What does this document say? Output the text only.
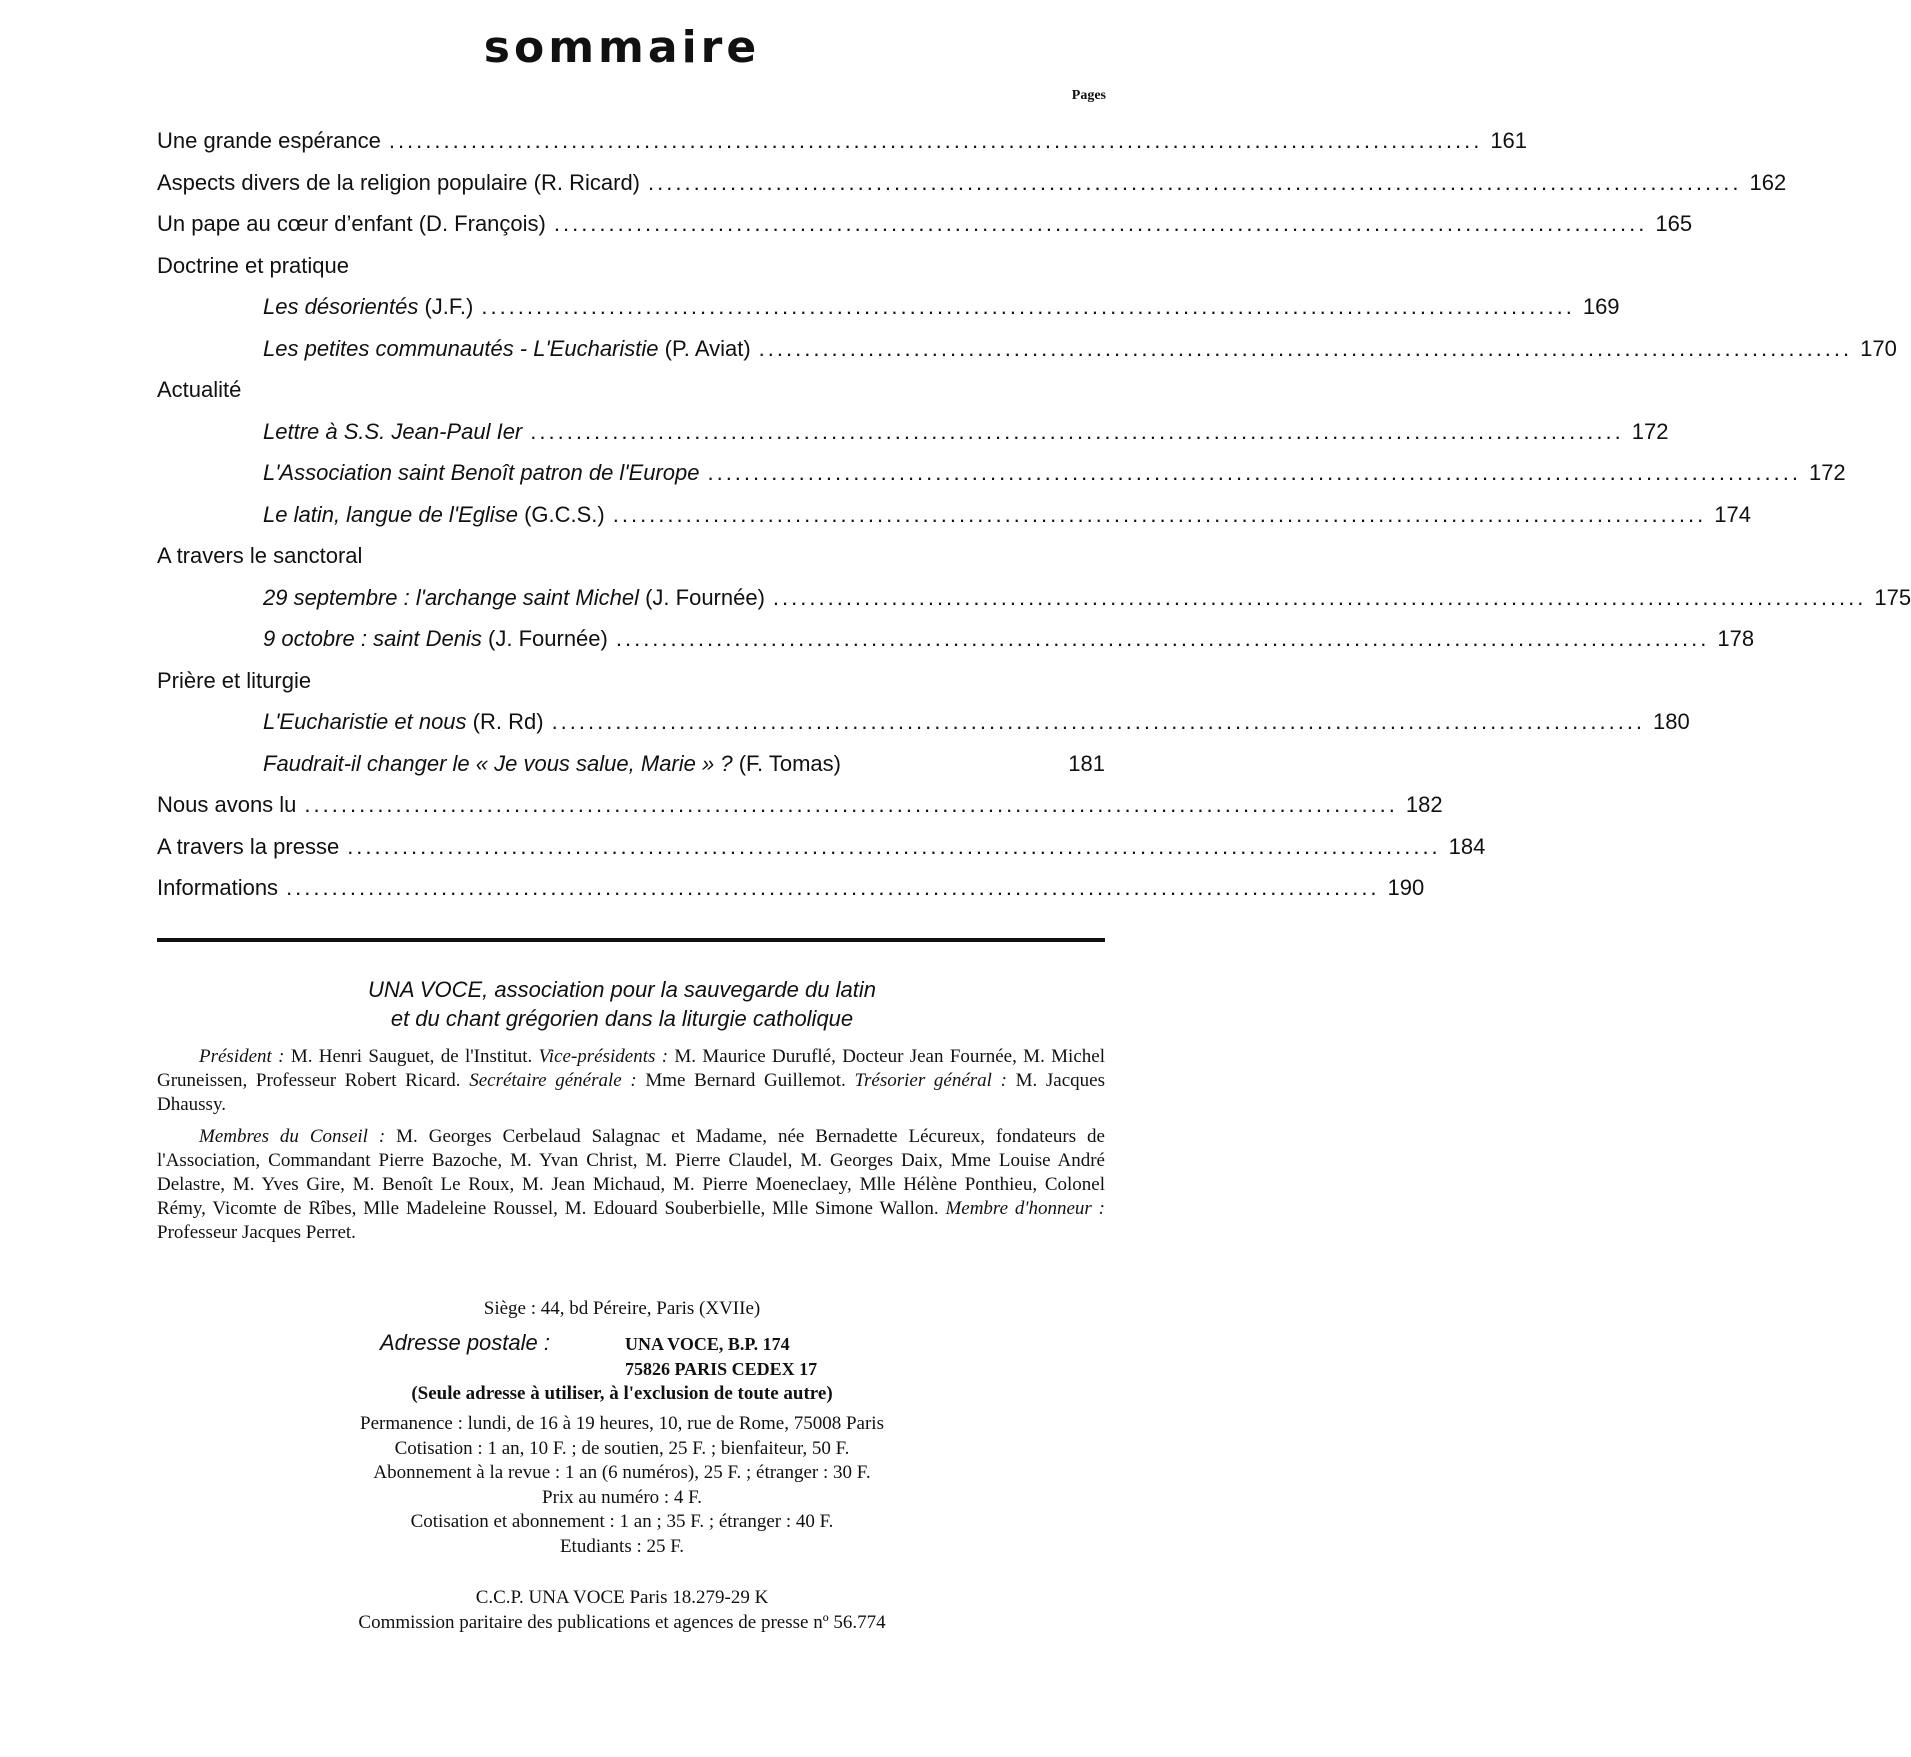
sommaire
Pages
Une grande espérance ........................................................................................................................ 161
Aspects divers de la religion populaire (R. Ricard) ........................................................................................................................ 162
Un pape au cœur d’enfant (D. François) ........................................................................................................................ 165
Doctrine et pratique
Les désorientés (J.F.) ........................................................................................................................ 169
Les petites communautés - L'Eucharistie (P. Aviat) ........................................................................................................................ 170
Actualité
Lettre à S.S. Jean-Paul Ier ........................................................................................................................ 172
L'Association saint Benoît patron de l'Europe ........................................................................................................................ 172
Le latin, langue de l'Eglise (G.C.S.) ........................................................................................................................ 174
A travers le sanctoral
29 septembre : l'archange saint Michel (J. Fournée) ........................................................................................................................ 175
9 octobre : saint Denis (J. Fournée) ........................................................................................................................ 178
Prière et liturgie
L'Eucharistie et nous (R. Rd) ........................................................................................................................ 180
Faudrait-il changer le « Je vous salue, Marie » ? (F. Tomas)	181
Nous avons lu ........................................................................................................................ 182
A travers la presse ........................................................................................................................ 184
Informations ........................................................................................................................ 190
UNA VOCE, association pour la sauvegarde du latin
et du chant grégorien dans la liturgie catholique
Président : M. Henri Sauguet, de l'Institut. Vice-présidents : M. Maurice Duruflé, Docteur Jean Fournée, M. Michel Gruneissen, Professeur Robert Ricard. Secrétaire générale : Mme Bernard Guillemot. Trésorier général : M. Jacques Dhaussy.
Membres du Conseil : M. Georges Cerbelaud Salagnac et Madame, née Bernadette Lécureux, fondateurs de l'Association, Commandant Pierre Bazoche, M. Yvan Christ, M. Pierre Claudel, M. Georges Daix, Mme Louise André Delastre, M. Yves Gire, M. Benoît Le Roux, M. Jean Michaud, M. Pierre Moeneclaey, Mlle Hélène Ponthieu, Colonel Rémy, Vicomte de Rîbes, Mlle Madeleine Roussel, M. Edouard Souberbielle, Mlle Simone Wallon. Membre d'honneur : Professeur Jacques Perret.
Siège : 44, bd Péreire, Paris (XVIIe)
Adresse postale :	UNA VOCE, B.P. 174
75826 PARIS CEDEX 17
(Seule adresse à utiliser, à l'exclusion de toute autre)
Permanence : lundi, de 16 à 19 heures, 10, rue de Rome, 75008 Paris
Cotisation : 1 an, 10 F. ; de soutien, 25 F. ; bienfaiteur, 50 F.
Abonnement à la revue : 1 an (6 numéros), 25 F. ; étranger : 30 F.
Prix au numéro : 4 F.
Cotisation et abonnement : 1 an ; 35 F. ; étranger : 40 F.
Etudiants : 25 F.
C.C.P. UNA VOCE Paris 18.279-29 K
Commission paritaire des publications et agences de presse nº 56.774
